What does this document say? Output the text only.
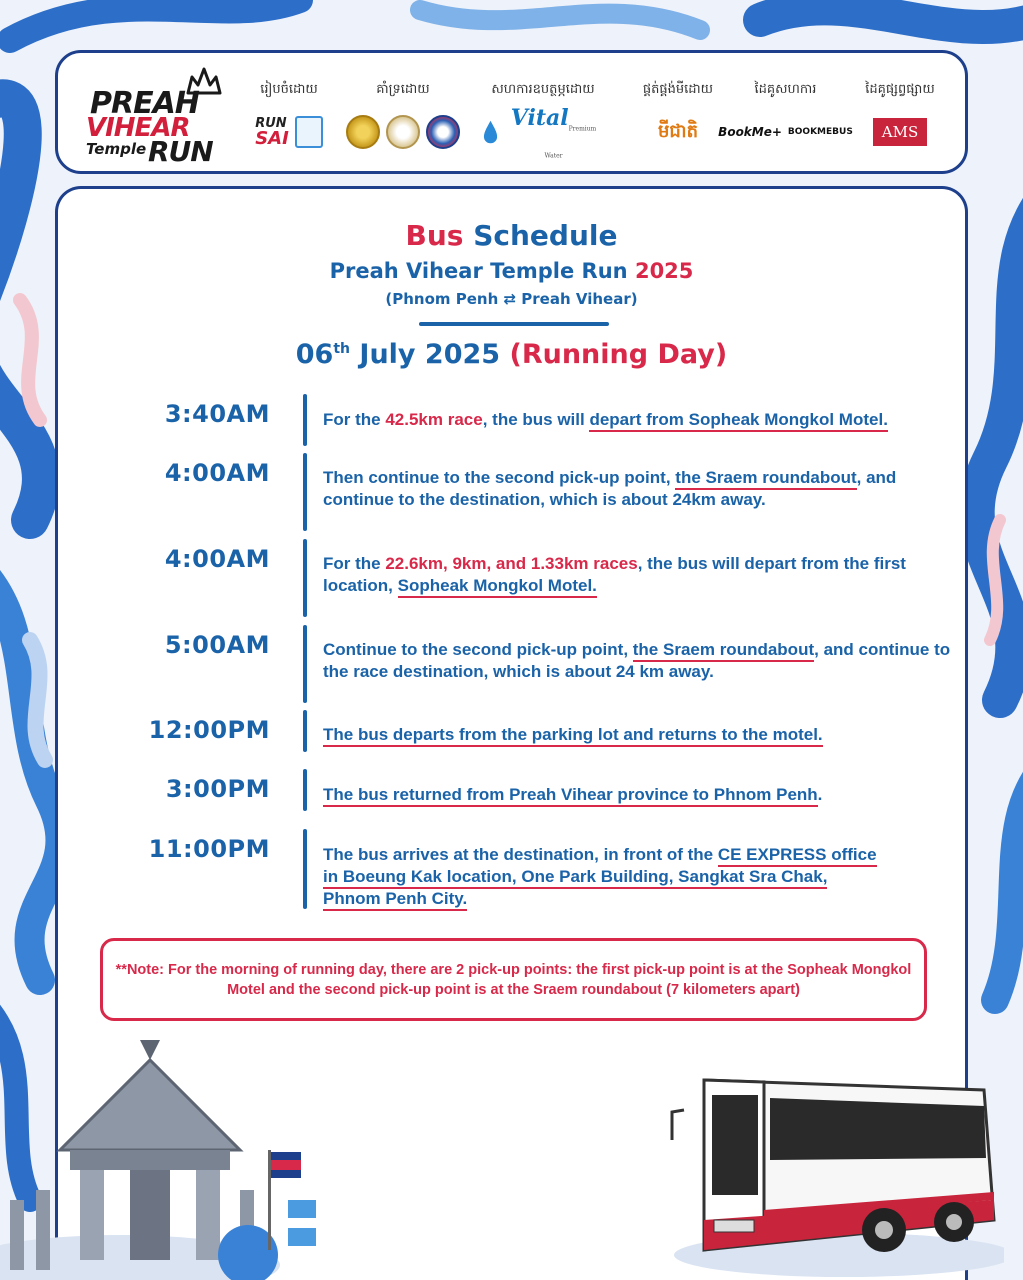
PREAH
VIHEAR
Temple RUN
រៀបចំដោយ
RUN
SAI
គាំទ្រដោយ	សហការឧបត្ថម្ភដោយ
Vital$_{Premium Water}$
ផ្គត់ផ្គង់មីដោយ
មីជាតិ
ដៃគូសហការ
BookMe+ BOOKMEBUS
ដៃគូផ្សព្វផ្សាយ
AMS
Bus Schedule
Preah Vihear Temple Run 2025
(Phnom Penh ⇄ Preah Vihear)
06th July 2025 (Running Day)
3:40AM	For the 42.5km race, the bus will depart from Sopheak Mongkol Motel.
4:00AM	Then continue to the second pick-up point, the Sraem roundabout, and continue to the destination, which is about 24km away.
4:00AM	For the 22.6km, 9km, and 1.33km races, the bus will depart from the first location, Sopheak Mongkol Motel.
5:00AM	Continue to the second pick-up point, the Sraem roundabout, and continue to the race destination, which is about 24 km away.
12:00PM	The bus departs from the parking lot and returns to the motel.
3:00PM	The bus returned from Preah Vihear province to Phnom Penh.
11:00PM	The bus arrives at the destination, in front of the CE EXPRESS office
in Boeung Kak location, One Park Building, Sangkat Sra Chak,
Phnom Penh City.
**Note: For the morning of running day, there are 2 pick-up points: the first pick-up point is at the Sopheak Mongkol Motel and the second pick-up point is at the Sraem roundabout (7 kilometers apart)
